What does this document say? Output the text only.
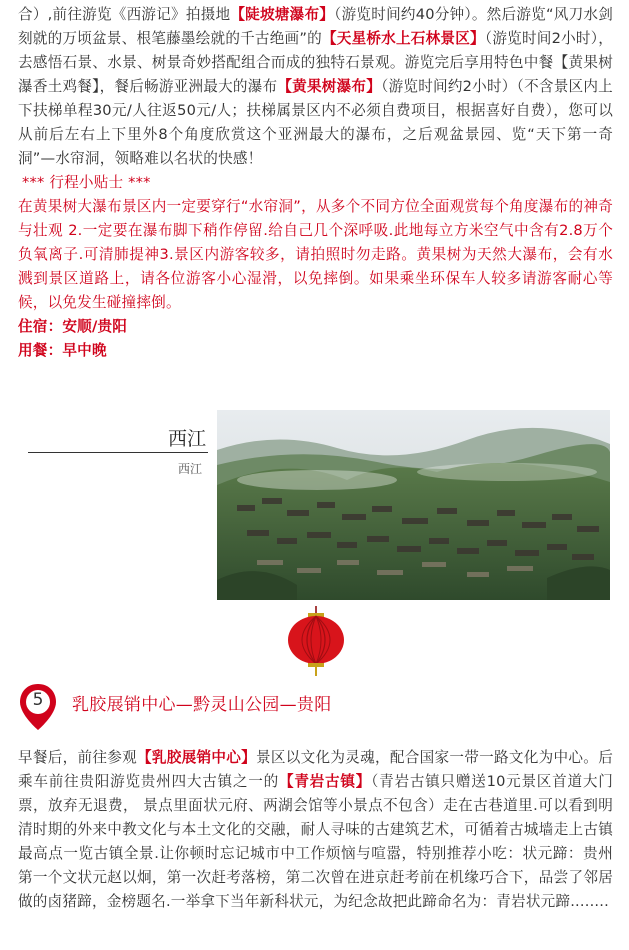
合）,前往游览《西游记》拍摄地【陡坡塘瀑布】（游览时间约40分钟）。然后游览“风刀水剑刻就的万顷盆景、根笔藤墨绘就的千古绝画”的【天星桥水上石林景区】（游览时间2小时），去感悟石景、水景、树景奇妙搭配组合而成的独特石景观。游览完后享用特色中餐【黄果树瀑香土鸡餐】，餐后畅游亚洲最大的瀑布【黄果树瀑布】（游览时间约2小时）（不含景区内上下扶梯单程30元/人往返50元/人；扶梯属景区内不必须自费项目，根据喜好自费），您可以从前后左右上下里外8个角度欣赏这个亚洲最大的瀑布，之后观盆景园、览“天下第一奇洞”—水帘洞，领略难以名状的快感！
*** 行程小贴士 ***
在黄果树大瀑布景区内一定要穿行“水帘洞”，从多个不同方位全面观赏每个角度瀑布的神奇与壮观 2.一定要在瀑布脚下稍作停留.给自己几个深呼吸.此地每立方米空气中含有2.8万个负氧离子.可清肺提神3.景区内游客较多，请拍照时勿走路。黄果树为天然大瀑布，会有水溅到景区道路上，请各位游客小心湿滑，以免摔倒。如果乘坐环保车人较多请游客耐心等候，以免发生碰撞摔倒。
住宿：安顺/贵阳
用餐：早中晚
西江
西江
5	乳胶展销中心—黔灵山公园—贵阳
早餐后，前往参观【乳胶展销中心】景区以文化为灵魂，配合国家一带一路文化为中心。后乘车前往贵阳游览贵州四大古镇之一的【青岩古镇】（青岩古镇只赠送10元景区首道大门票，放弃无退费， 景点里面状元府、两湖会馆等小景点不包含）走在古巷道里.可以看到明清时期的外来中教文化与本土文化的交融，耐人寻味的古建筑艺术，可循着古城墙走上古镇最高点一览古镇全景.让你顿时忘记城市中工作烦恼与喧嚣，特别推荐小吃：状元蹄：贵州第一个文状元赵以炯，第一次赶考落榜，第二次曾在进京赶考前在机缘巧合下，品尝了邻居做的卤猪蹄，金榜题名.一举拿下当年新科状元，为纪念故把此蹄命名为：青岩状元蹄........
